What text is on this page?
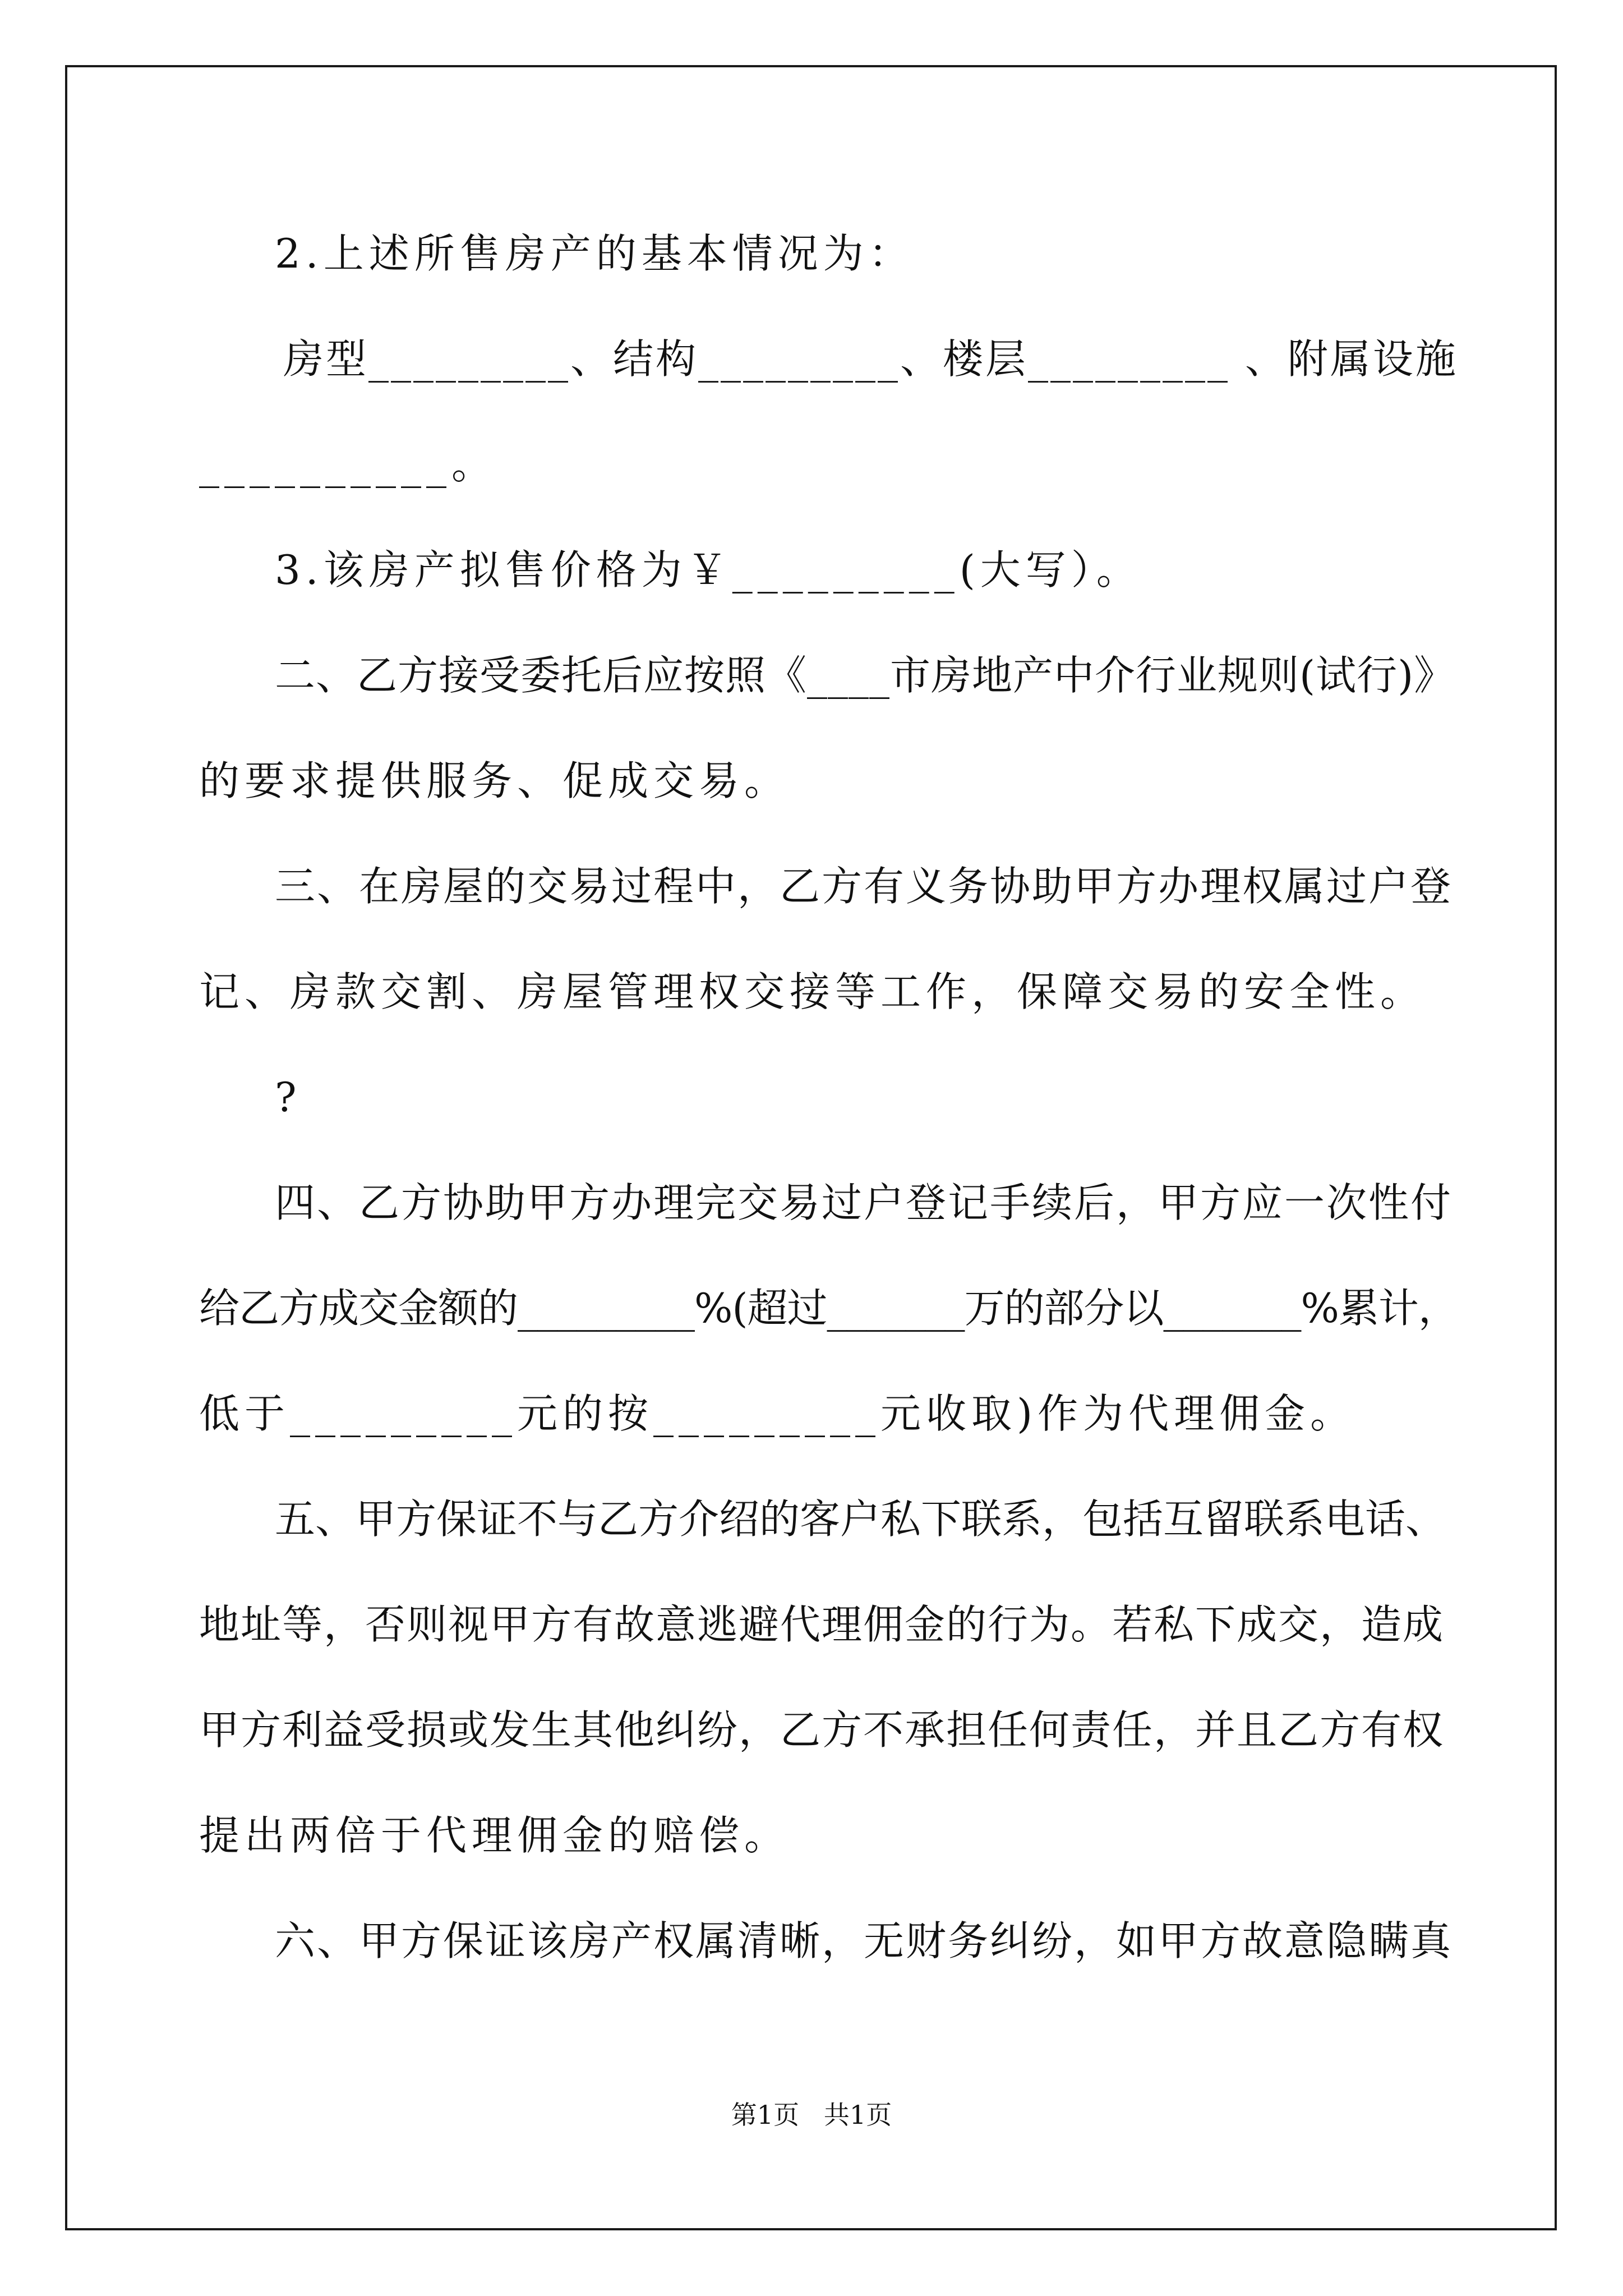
2.上述所售房产的基本情况为：
房型_________、结构_________、楼层_________ 、附属设施
__________。
3.该房产拟售价格为￥_________(大写）。
二、乙方接受委托后应按照《____市房地产中介行业规则(试行)》
的要求提供服务、促成交易。
三、在房屋的交易过程中，乙方有义务协助甲方办理权属过户登
记、房款交割、房屋管理权交接等工作，保障交易的安全性。
?
四、乙方协助甲方办理完交易过户登记手续后，甲方应一次性付
给乙方成交金额的_________%(超过_______万的部分以_______%累计，
低于_________元的按_________元收取)作为代理佣金。
五、甲方保证不与乙方介绍的客户私下联系，包括互留联系电话、
地址等，否则视甲方有故意逃避代理佣金的行为。若私下成交，造成
甲方利益受损或发生其他纠纷，乙方不承担任何责任，并且乙方有权
提出两倍于代理佣金的赔偿。
六、甲方保证该房产权属清晰，无财务纠纷，如甲方故意隐瞒真
第1页   共1页
